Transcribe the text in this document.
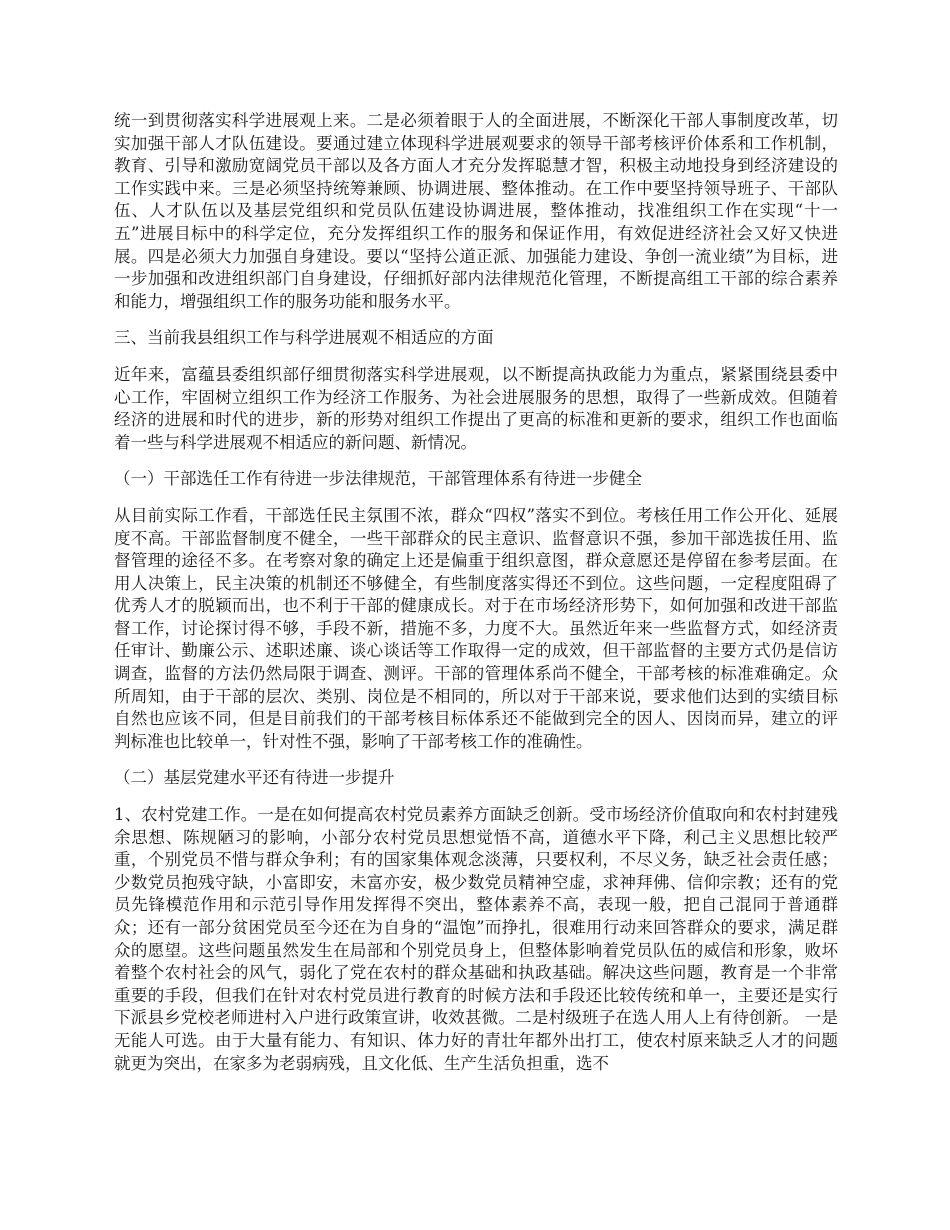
统一到贯彻落实科学进展观上来。二是必须着眼于人的全面进展，不断深化干部人事制度改革，切实加强干部人才队伍建设。要通过建立体现科学进展观要求的领导干部考核评价体系和工作机制，教育、引导和激励宽阔党员干部以及各方面人才充分发挥聪慧才智，积极主动地投身到经济建设的工作实践中来。三是必须坚持统筹兼顾、协调进展、整体推动。在工作中要坚持领导班子、干部队伍、人才队伍以及基层党组织和党员队伍建设协调进展，整体推动，找准组织工作在实现“十一五”进展目标中的科学定位，充分发挥组织工作的服务和保证作用，有效促进经济社会又好又快进展。四是必须大力加强自身建设。要以“坚持公道正派、加强能力建设、争创一流业绩”为目标，进一步加强和改进组织部门自身建设，仔细抓好部内法律规范化管理，不断提高组工干部的综合素养和能力，增强组织工作的服务功能和服务水平。

三、当前我县组织工作与科学进展观不相适应的方面

近年来，富蕴县委组织部仔细贯彻落实科学进展观，以不断提高执政能力为重点，紧紧围绕县委中心工作，牢固树立组织工作为经济工作服务、为社会进展服务的思想，取得了一些新成效。但随着经济的进展和时代的进步，新的形势对组织工作提出了更高的标准和更新的要求，组织工作也面临着一些与科学进展观不相适应的新问题、新情况。

（一）干部选任工作有待进一步法律规范，干部管理体系有待进一步健全

从目前实际工作看，干部选任民主氛围不浓，群众“四权”落实不到位。考核任用工作公开化、延展度不高。干部监督制度不健全，一些干部群众的民主意识、监督意识不强，参加干部选拔任用、监督管理的途径不多。在考察对象的确定上还是偏重于组织意图，群众意愿还是停留在参考层面。在用人决策上，民主决策的机制还不够健全，有些制度落实得还不到位。这些问题，一定程度阻碍了优秀人才的脱颖而出，也不利于干部的健康成长。对于在市场经济形势下，如何加强和改进干部监督工作，讨论探讨得不够，手段不新，措施不多，力度不大。虽然近年来一些监督方式，如经济责任审计、勤廉公示、述职述廉、谈心谈话等工作取得一定的成效，但干部监督的主要方式仍是信访调查，监督的方法仍然局限于调查、测评。干部的管理体系尚不健全，干部考核的标准难确定。众所周知，由于干部的层次、类别、岗位是不相同的，所以对于干部来说，要求他们达到的实绩目标自然也应该不同，但是目前我们的干部考核目标体系还不能做到完全的因人、因岗而异，建立的评判标准也比较单一，针对性不强，影响了干部考核工作的准确性。

（二）基层党建水平还有待进一步提升

1、农村党建工作。一是在如何提高农村党员素养方面缺乏创新。受市场经济价值取向和农村封建残余思想、陈规陋习的影响，小部分农村党员思想觉悟不高，道德水平下降，利己主义思想比较严重，个别党员不惜与群众争利；有的国家集体观念淡薄，只要权利，不尽义务，缺乏社会责任感；少数党员抱残守缺，小富即安，未富亦安，极少数党员精神空虚，求神拜佛、信仰宗教；还有的党员先锋模范作用和示范引导作用发挥得不突出，整体素养不高，表现一般，把自己混同于普通群众；还有一部分贫困党员至今还在为自身的“温饱”而挣扎，很难用行动来回答群众的要求，满足群众的愿望。这些问题虽然发生在局部和个别党员身上，但整体影响着党员队伍的威信和形象，败坏着整个农村社会的风气，弱化了党在农村的群众基础和执政基础。解决这些问题，教育是一个非常重要的手段，但我们在针对农村党员进行教育的时候方法和手段还比较传统和单一，主要还是实行下派县乡党校老师进村入户进行政策宣讲，收效甚微。二是村级班子在选人用人上有待创新。 一是无能人可选。由于大量有能力、有知识、体力好的青壮年都外出打工，使农村原来缺乏人才的问题就更为突出，在家多为老弱病残，且文化低、生产生活负担重，选不
